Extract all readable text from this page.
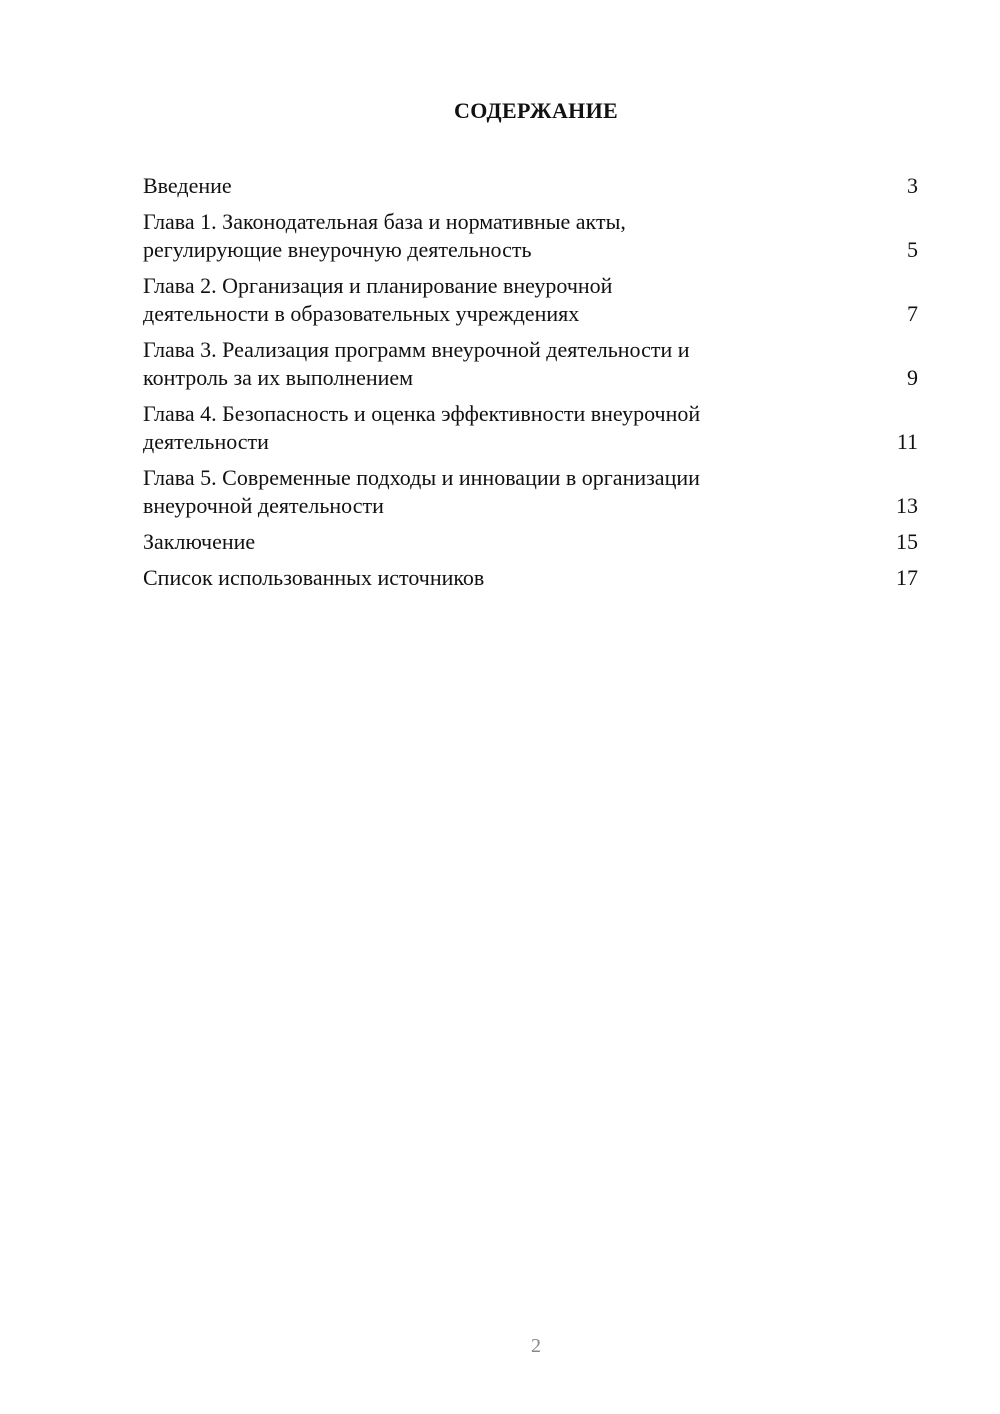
СОДЕРЖАНИЕ
Введение	3
Глава 1. Законодательная база и нормативные акты,
регулирующие внеурочную деятельность	5
Глава 2. Организация и планирование внеурочной
деятельности в образовательных учреждениях	7
Глава 3. Реализация программ внеурочной деятельности и
контроль за их выполнением	9
Глава 4. Безопасность и оценка эффективности внеурочной
деятельности	11
Глава 5. Современные подходы и инновации в организации
внеурочной деятельности	13
Заключение	15
Список использованных источников	17
2
